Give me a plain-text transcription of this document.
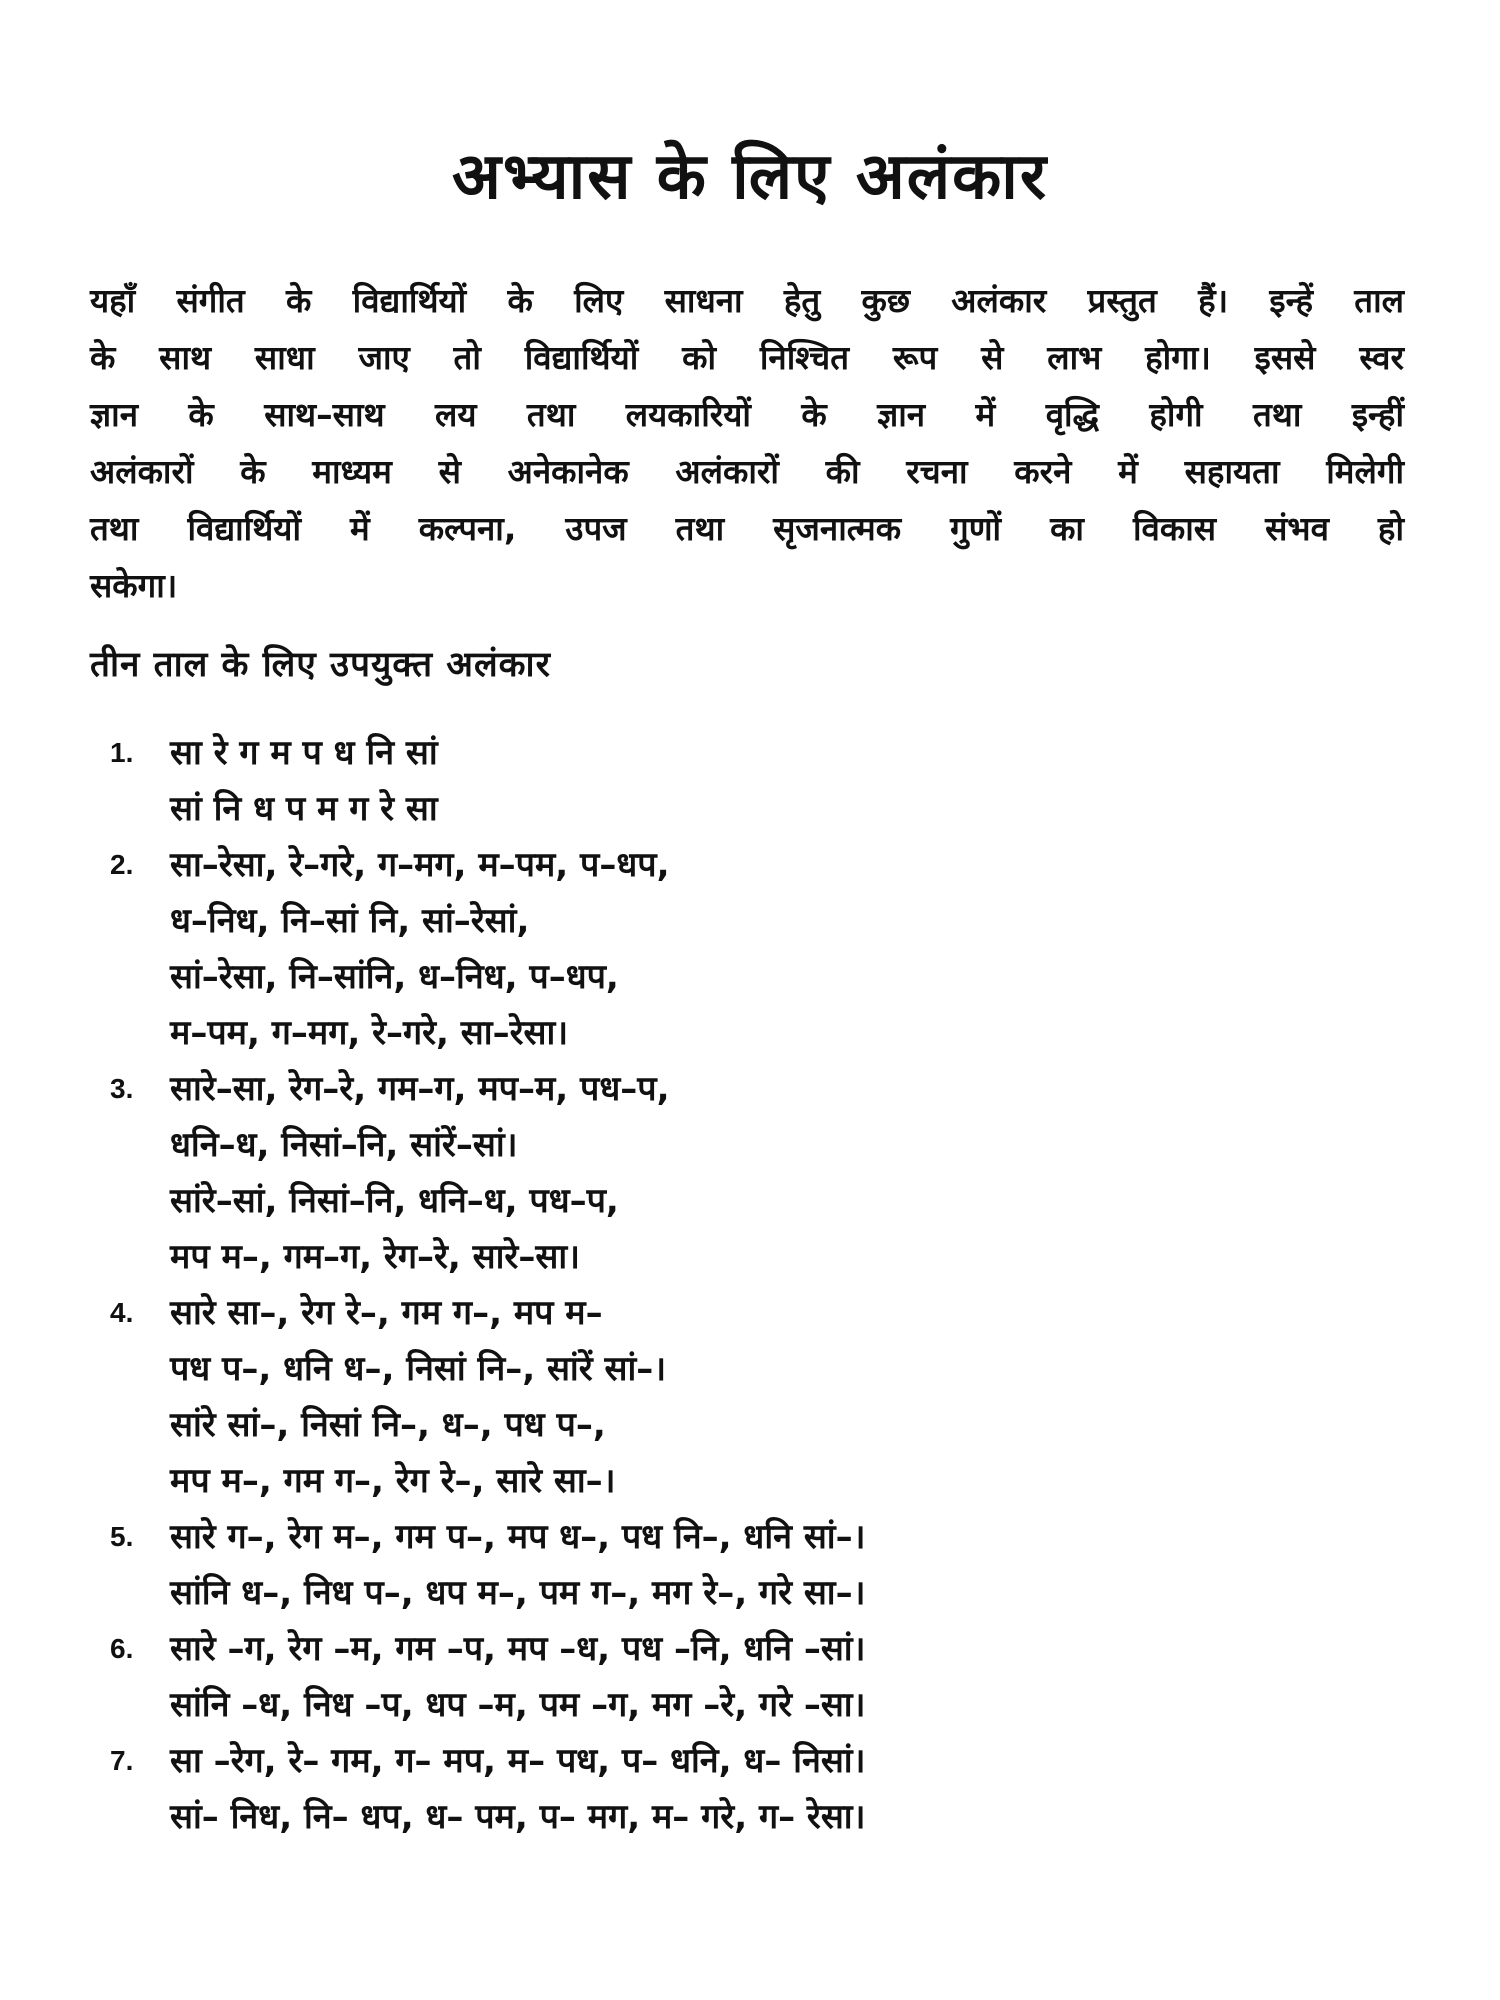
अभ्यास के लिए अलंकार
यहाँ संगीत के विद्यार्थियों के लिए साधना हेतु कुछ अलंकार प्रस्तुत हैं। इन्हें ताल
के साथ साधा जाए तो विद्यार्थियों को निश्चित रूप से लाभ होगा। इससे स्वर
ज्ञान के साथ–साथ लय तथा लयकारियों के ज्ञान में वृद्धि होगी तथा इन्हीं
अलंकारों के माध्यम से अनेकानेक अलंकारों की रचना करने में सहायता मिलेगी
तथा विद्यार्थियों में कल्पना, उपज तथा सृजनात्मक गुणों का विकास संभव हो
सकेगा।
तीन ताल के लिए उपयुक्त अलंकार
1. सा रे ग म प ध नि सां
सां नि ध प म ग रे सा
2. सा–रेसा, रे–गरे, ग–मग, म–पम, प–धप,
ध–निध, नि–सां नि, सां–रेसां,
सां–रेसा, नि–सांनि, ध–निध, प–धप,
म–पम, ग–मग, रे–गरे, सा–रेसा।
3. सारे–सा, रेग–रे, गम–ग, मप–म, पध–प,
धनि–ध, निसां–नि, सांरें–सां।
सांरे–सां, निसां–नि, धनि–ध, पध–प,
मप म–, गम–ग, रेग–रे, सारे–सा।
4. सारे सा–, रेग रे–, गम ग–, मप म–
पध प–, धनि ध–, निसां नि–, सांरें सां–।
सांरे सां–, निसां नि–, ध–, पध प–,
मप म–, गम ग–, रेग रे–, सारे सा–।
5. सारे ग–, रेग म–, गम प–, मप ध–, पध नि–, धनि सां–।
सांनि ध–, निध प–, धप म–, पम ग–, मग रे–, गरे सा–।
6. सारे –ग, रेग –म, गम –प, मप –ध, पध –नि, धनि –सां।
सांनि –ध, निध –प, धप –म, पम –ग, मग –रे, गरे –सा।
7. सा –रेग, रे– गम, ग– मप, म– पध, प– धनि, ध– निसां।
सां– निध, नि– धप, ध– पम, प– मग, म– गरे, ग– रेसा।
